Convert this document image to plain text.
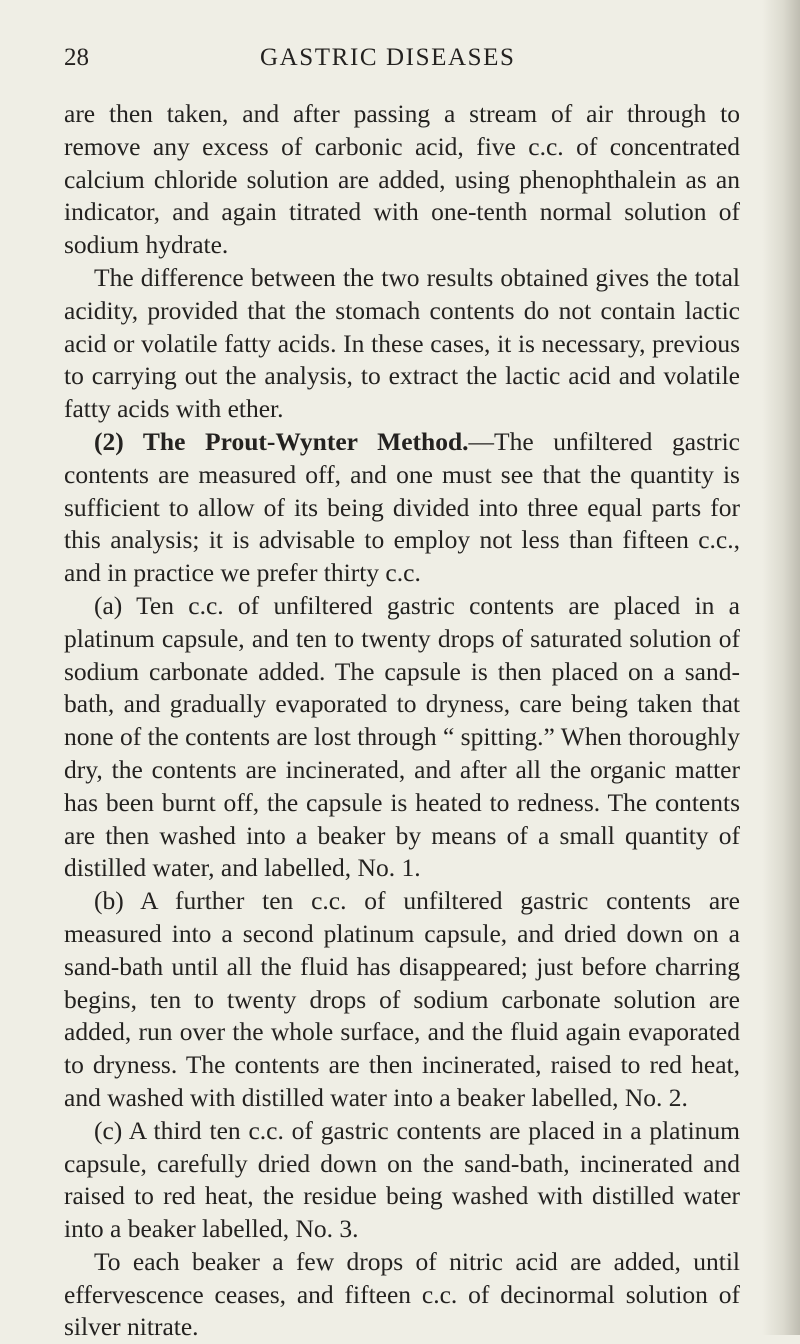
28	GASTRIC DISEASES

are then taken, and after passing a stream of air through to remove any excess of carbonic acid, five c.c. of concentrated calcium chloride solution are added, using phenophthalein as an indicator, and again titrated with one-tenth normal solution of sodium hydrate.

The difference between the two results obtained gives the total acidity, provided that the stomach contents do not contain lactic acid or volatile fatty acids. In these cases, it is necessary, previous to carrying out the analysis, to extract the lactic acid and volatile fatty acids with ether.

(2) The Prout-Wynter Method.—The unfiltered gastric contents are measured off, and one must see that the quantity is sufficient to allow of its being divided into three equal parts for this analysis; it is advisable to employ not less than fifteen c.c., and in practice we prefer thirty c.c.

(a) Ten c.c. of unfiltered gastric contents are placed in a platinum capsule, and ten to twenty drops of saturated solution of sodium carbonate added. The capsule is then placed on a sand-bath, and gradually evaporated to dryness, care being taken that none of the contents are lost through “ spitting.” When thoroughly dry, the contents are incinerated, and after all the organic matter has been burnt off, the capsule is heated to redness. The contents are then washed into a beaker by means of a small quantity of distilled water, and labelled, No. 1.

(b) A further ten c.c. of unfiltered gastric contents are measured into a second platinum capsule, and dried down on a sand-bath until all the fluid has disappeared; just before charring begins, ten to twenty drops of sodium carbonate solution are added, run over the whole surface, and the fluid again evaporated to dryness. The contents are then incinerated, raised to red heat, and washed with distilled water into a beaker labelled, No. 2.

(c) A third ten c.c. of gastric contents are placed in a platinum capsule, carefully dried down on the sand-bath, incinerated and raised to red heat, the residue being washed with distilled water into a beaker labelled, No. 3.

To each beaker a few drops of nitric acid are added, until effervescence ceases, and fifteen c.c. of decinormal solution of silver nitrate.
